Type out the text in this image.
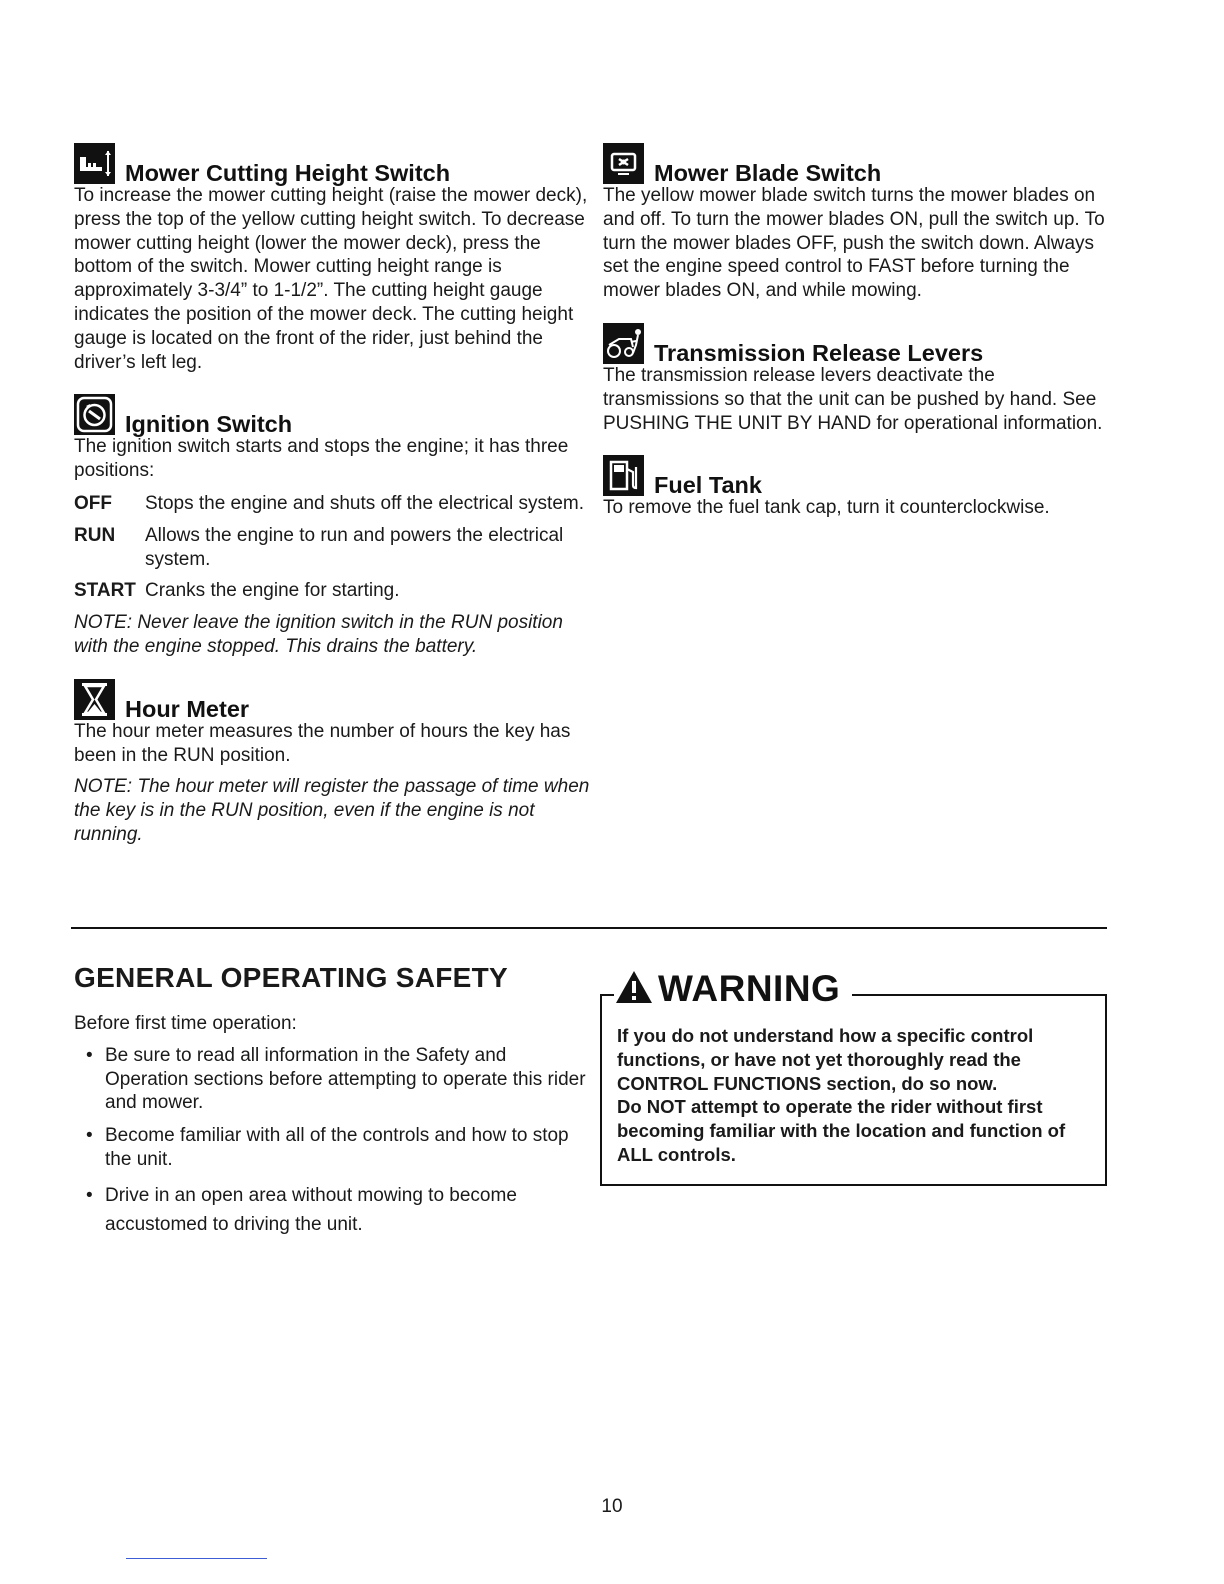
Mower Cutting Height Switch

To increase the mower cutting height (raise the mower deck), press the top of the yellow cutting height switch. To decrease mower cutting height (lower the mower deck), press the bottom of the switch. Mower cutting height range is approximately 3-3/4” to 1-1/2”. The cutting height gauge indicates the position of the mower deck. The cutting height gauge is located on the front of the rider, just behind the driver’s left leg.

Ignition Switch

The ignition switch starts and stops the engine; it has three positions:

OFF	Stops the engine and shuts off the electrical system.
RUN	Allows the engine to run and powers the electrical system.
START Cranks the engine for starting.

NOTE: Never leave the ignition switch in the RUN position with the engine stopped. This drains the battery.

Hour Meter

The hour meter measures the number of hours the key has been in the RUN position.

NOTE: The hour meter will register the passage of time when the key is in the RUN position, even if the engine is not running.

Mower Blade Switch

The yellow mower blade switch turns the mower blades on and off. To turn the mower blades ON, pull the switch up. To turn the mower blades OFF, push the switch down. Always set the engine speed control to FAST before turning the mower blades ON, and while mowing.

Transmission Release Levers

The transmission release levers deactivate the transmissions so that the unit can be pushed by hand. See PUSHING THE UNIT BY HAND for operational information.

Fuel Tank

To remove the fuel tank cap, turn it counterclockwise.

GENERAL OPERATING SAFETY

Before first time operation:

• Be sure to read all information in the Safety and Operation sections before attempting to operate this rider and mower.
• Become familiar with all of the controls and how to stop the unit.
• Drive in an open area without mowing to become accustomed to driving the unit.
WARNING

If you do not understand how a specific control functions, or have not yet thoroughly read the CONTROL FUNCTIONS section, do so now.

Do NOT attempt to operate the rider without first becoming familiar with the location and function of ALL controls.

10
